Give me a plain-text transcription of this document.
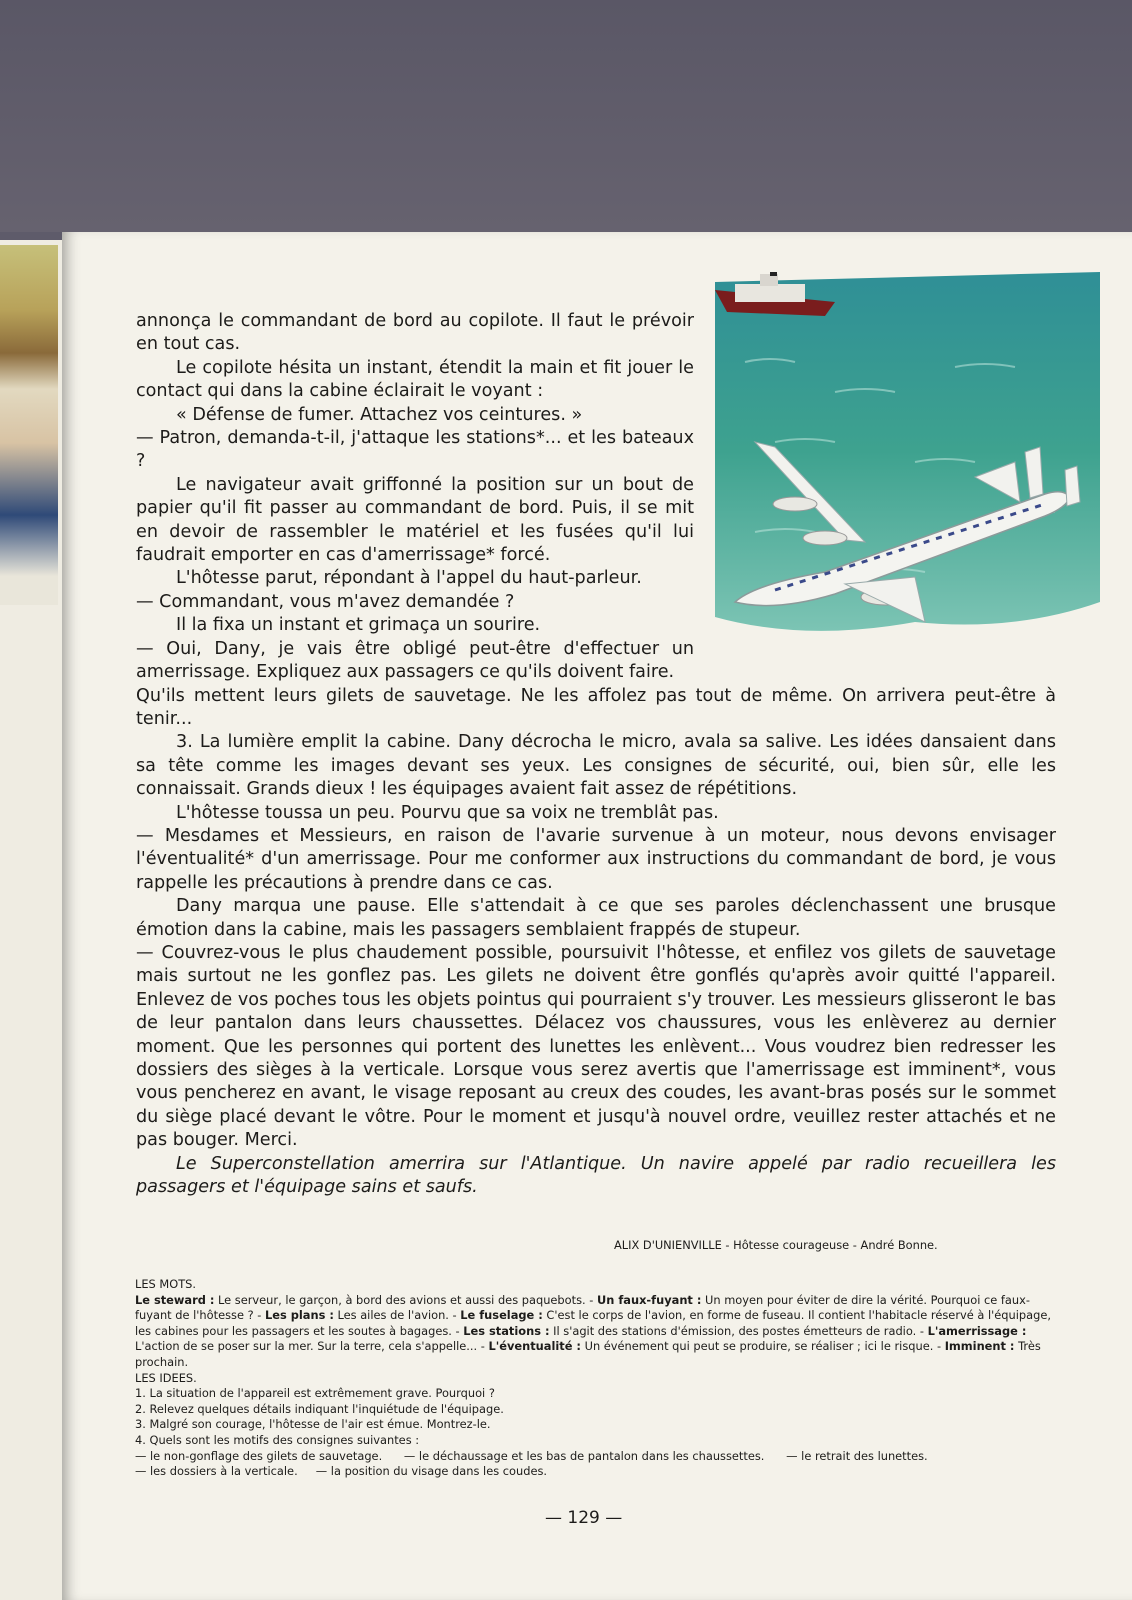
annonça le commandant de bord au copilote. Il faut le prévoir en tout cas.

Le copilote hésita un instant, étendit la main et fit jouer le contact qui dans la cabine éclairait le voyant :

« Défense de fumer. Attachez vos ceintures. »

— Patron, demanda-t-il, j'attaque les stations*... et les bateaux ?

Le navigateur avait griffonné la position sur un bout de papier qu'il fit passer au commandant de bord. Puis, il se mit en devoir de rassembler le matériel et les fusées qu'il lui faudrait emporter en cas d'amerrissage* forcé.

L'hôtesse parut, répondant à l'appel du haut-parleur.

— Commandant, vous m'avez demandée ?

Il la fixa un instant et grimaça un sourire.

— Oui, Dany, je vais être obligé peut-être d'effectuer un amerrissage. Expliquez aux passagers ce qu'ils doivent faire.

Qu'ils mettent leurs gilets de sauvetage. Ne les affolez pas tout de même. On arrivera peut-être à tenir...

3. La lumière emplit la cabine. Dany décrocha le micro, avala sa salive. Les idées dansaient dans sa tête comme les images devant ses yeux. Les consignes de sécurité, oui, bien sûr, elle les connaissait. Grands dieux ! les équipages avaient fait assez de répétitions.

L'hôtesse toussa un peu. Pourvu que sa voix ne tremblât pas.

— Mesdames et Messieurs, en raison de l'avarie survenue à un moteur, nous devons envisager l'éventualité* d'un amerrissage. Pour me conformer aux instructions du commandant de bord, je vous rappelle les précautions à prendre dans ce cas.

Dany marqua une pause. Elle s'attendait à ce que ses paroles déclenchassent une brusque émotion dans la cabine, mais les passagers semblaient frappés de stupeur.

— Couvrez-vous le plus chaudement possible, poursuivit l'hôtesse, et enfilez vos gilets de sauvetage mais surtout ne les gonflez pas. Les gilets ne doivent être gonflés qu'après avoir quitté l'appareil. Enlevez de vos poches tous les objets pointus qui pourraient s'y trouver. Les messieurs glisseront le bas de leur pantalon dans leurs chaussettes. Délacez vos chaussures, vous les enlèverez au dernier moment. Que les personnes qui portent des lunettes les enlèvent... Vous voudrez bien redresser les dossiers des sièges à la verticale. Lorsque vous serez avertis que l'amerrissage est imminent*, vous vous pencherez en avant, le visage reposant au creux des coudes, les avant-bras posés sur le sommet du siège placé devant le vôtre. Pour le moment et jusqu'à nouvel ordre, veuillez rester attachés et ne pas bouger. Merci.

Le Superconstellation amerrira sur l'Atlantique. Un navire appelé par radio recueillera les passagers et l'équipage sains et saufs.

ALIX D'UNIENVILLE - Hôtesse courageuse - André Bonne.

LES MOTS.

Le steward : Le serveur, le garçon, à bord des avions et aussi des paquebots. - Un faux-fuyant : Un moyen pour éviter de dire la vérité. Pourquoi ce faux-fuyant de l'hôtesse ? - Les plans : Les ailes de l'avion. - Le fuselage : C'est le corps de l'avion, en forme de fuseau. Il contient l'habitacle réservé à l'équipage, les cabines pour les passagers et les soutes à bagages. - Les stations : Il s'agit des stations d'émission, des postes émetteurs de radio. - L'amerrissage : L'action de se poser sur la mer. Sur la terre, cela s'appelle... - L'éventualité : Un événement qui peut se produire, se réaliser ; ici le risque. - Imminent : Très prochain.

LES IDEES.

1. La situation de l'appareil est extrêmement grave. Pourquoi ?

2. Relevez quelques détails indiquant l'inquiétude de l'équipage.

3. Malgré son courage, l'hôtesse de l'air est émue. Montrez-le.

4. Quels sont les motifs des consignes suivantes :

— le non-gonflage des gilets de sauvetage. — le déchaussage et les bas de pantalon dans les chaussettes. — le retrait des lunettes.

— les dossiers à la verticale. — la position du visage dans les coudes.

— 129 —
